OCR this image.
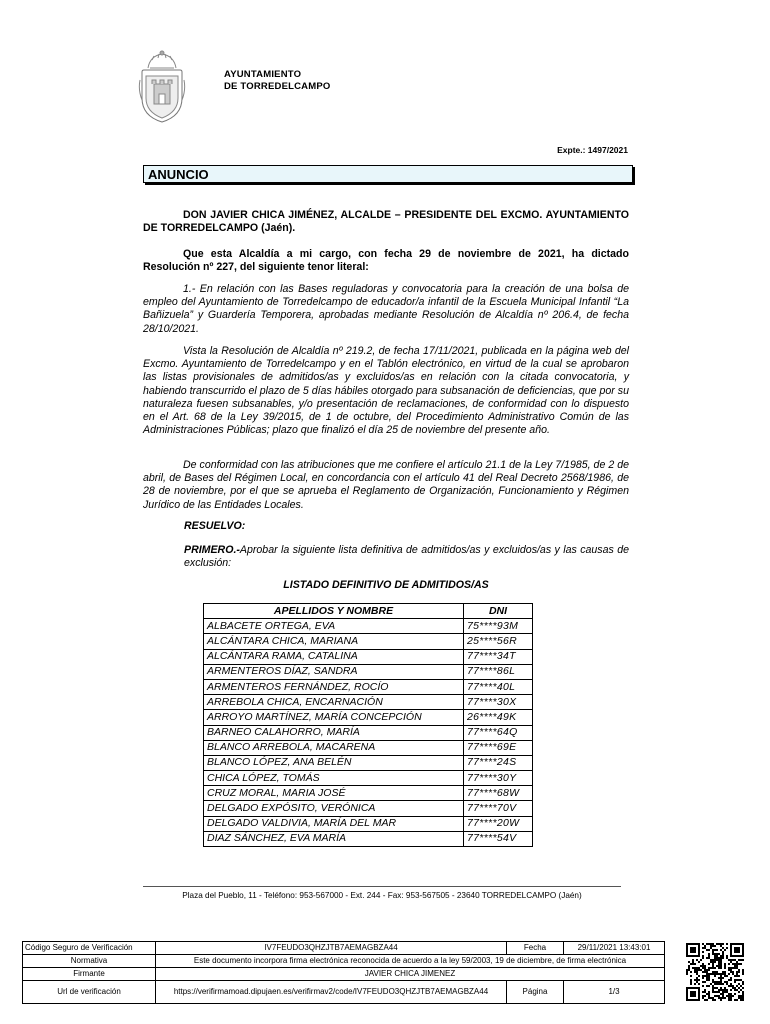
AYUNTAMIENTO
DE TORREDELCAMPO
Expte.: 1497/2021
ANUNCIO
DON JAVIER CHICA JIMÉNEZ, ALCALDE – PRESIDENTE DEL EXCMO. AYUNTAMIENTO DE TORREDELCAMPO (Jaén).
Que esta Alcaldía a mi cargo, con fecha 29 de noviembre de 2021, ha dictado Resolución nº 227, del siguiente tenor literal:
1.- En relación con las Bases reguladoras y convocatoria para la creación de una bolsa de empleo del Ayuntamiento de Torredelcampo de educador/a infantil de la Escuela Municipal Infantil “La Bañizuela” y Guardería Temporera, aprobadas mediante Resolución de Alcaldía nº 206.4, de fecha 28/10/2021.
Vista la Resolución de Alcaldía nº 219.2, de fecha 17/11/2021, publicada en la página web del Excmo. Ayuntamiento de Torredelcampo y en el Tablón electrónico, en virtud de la cual se aprobaron las listas provisionales de admitidos/as y excluidos/as en relación con la citada convocatoria, y habiendo transcurrido el plazo de 5 días hábiles otorgado para subsanación de deficiencias, que por su naturaleza fuesen subsanables, y/o presentación de reclamaciones, de conformidad con lo dispuesto en el Art. 68 de la Ley 39/2015, de 1 de octubre, del Procedimiento Administrativo Común de las Administraciones Públicas; plazo que finalizó el día 25 de noviembre del presente año.
De conformidad con las atribuciones que me confiere el artículo 21.1 de la Ley 7/1985, de 2 de abril, de Bases del Régimen Local, en concordancia con el artículo 41 del Real Decreto 2568/1986, de 28 de noviembre, por el que se aprueba el Reglamento de Organización, Funcionamiento y Régimen Jurídico de las Entidades Locales.
RESUELVO:
PRIMERO.-Aprobar la siguiente lista definitiva de admitidos/as y excluidos/as y las causas de exclusión:
LISTADO DEFINITIVO DE ADMITIDOS/AS
APELLIDOS Y NOMBRE	DNI
ALBACETE ORTEGA, EVA	75****93M
ALCÁNTARA CHICA, MARIANA	25****56R
ALCÁNTARA RAMA, CATALINA	77****34T
ARMENTEROS DÍAZ, SANDRA	77****86L
ARMENTEROS FERNÁNDEZ, ROCÍO	77****40L
ARREBOLA CHICA, ENCARNACIÓN	77****30X
ARROYO MARTÍNEZ, MARÍA CONCEPCIÓN	26****49K
BARNEO CALAHORRO, MARÍA	77****64Q
BLANCO ARREBOLA, MACARENA	77****69E
BLANCO LÓPEZ, ANA BELÉN	77****24S
CHICA LÓPEZ, TOMÁS	77****30Y
CRUZ MORAL, MARIA JOSÉ	77****68W
DELGADO EXPÓSITO, VERÓNICA	77****70V
DELGADO VALDIVIA, MARÍA DEL MAR	77****20W
DIAZ SÁNCHEZ, EVA MARÍA	77****54V
Plaza del Pueblo, 11 - Teléfono: 953-567000 - Ext. 244 - Fax: 953-567505 - 23640 TORREDELCAMPO (Jaén)
Código Seguro de Verificación	IV7FEUDO3QHZJTB7AEMAGBZA44	Fecha	29/11/2021 13:43:01
Normativa	Este documento incorpora firma electrónica reconocida de acuerdo a la ley 59/2003, 19 de diciembre, de firma electrónica		
Firmante	JAVIER CHICA JIMENEZ		
Url de verificación	https://verifirmamoad.dipujaen.es/verifirmav2/code/IV7FEUDO3QHZJTB7AEMAGBZA44	Página	1/3
